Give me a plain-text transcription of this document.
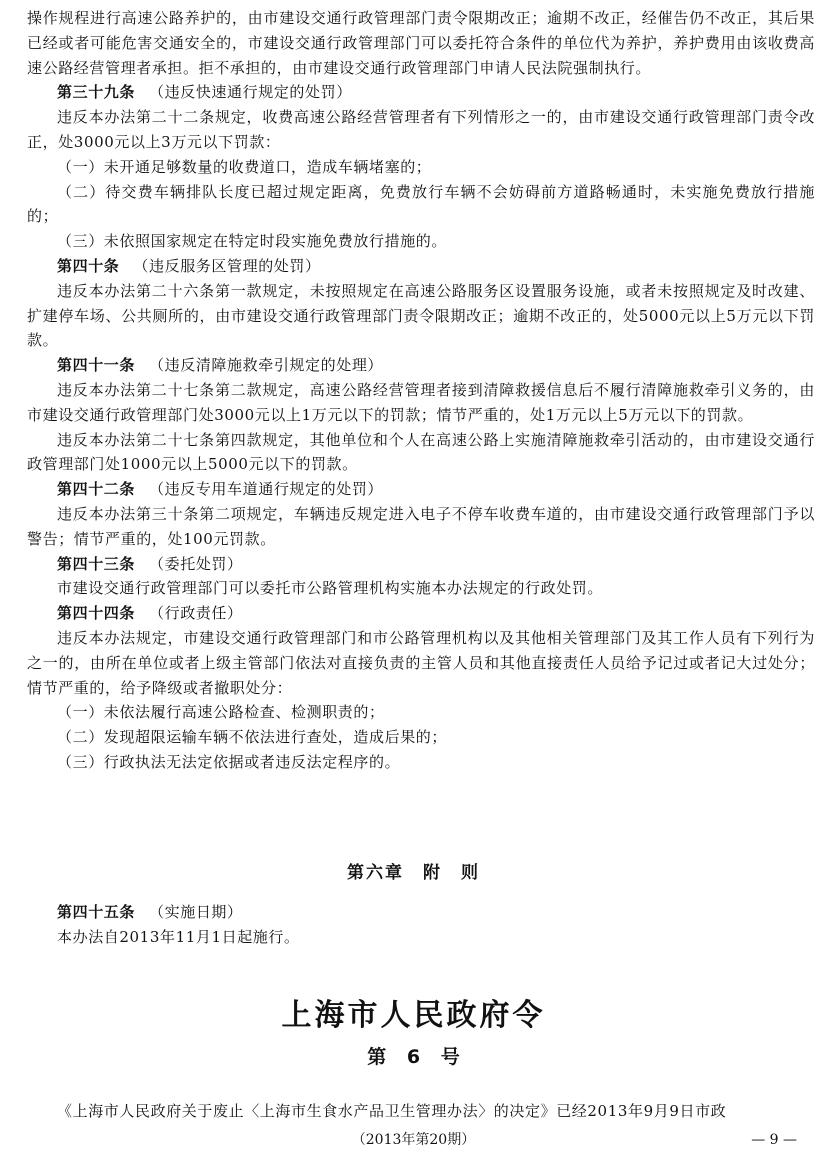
操作规程进行高速公路养护的，由市建设交通行政管理部门责令限期改正；逾期不改正，经催告仍不改正，其后果已经或者可能危害交通安全的，市建设交通行政管理部门可以委托符合条件的单位代为养护，养护费用由该收费高速公路经营管理者承担。拒不承担的，由市建设交通行政管理部门申请人民法院强制执行。

第三十九条 （违反快速通行规定的处罚）

违反本办法第二十二条规定，收费高速公路经营管理者有下列情形之一的，由市建设交通行政管理部门责令改正，处3000元以上3万元以下罚款：

（一）未开通足够数量的收费道口，造成车辆堵塞的；

（二）待交费车辆排队长度已超过规定距离，免费放行车辆不会妨碍前方道路畅通时，未实施免费放行措施的；

（三）未依照国家规定在特定时段实施免费放行措施的。

第四十条 （违反服务区管理的处罚）

违反本办法第二十六条第一款规定，未按照规定在高速公路服务区设置服务设施，或者未按照规定及时改建、扩建停车场、公共厕所的，由市建设交通行政管理部门责令限期改正；逾期不改正的，处5000元以上5万元以下罚款。

第四十一条 （违反清障施救牵引规定的处理）

违反本办法第二十七条第二款规定，高速公路经营管理者接到清障救援信息后不履行清障施救牵引义务的，由市建设交通行政管理部门处3000元以上1万元以下的罚款；情节严重的，处1万元以上5万元以下的罚款。

违反本办法第二十七条第四款规定，其他单位和个人在高速公路上实施清障施救牵引活动的，由市建设交通行政管理部门处1000元以上5000元以下的罚款。

第四十二条 （违反专用车道通行规定的处罚）

违反本办法第三十条第二项规定，车辆违反规定进入电子不停车收费车道的，由市建设交通行政管理部门予以警告；情节严重的，处100元罚款。

第四十三条 （委托处罚）

市建设交通行政管理部门可以委托市公路管理机构实施本办法规定的行政处罚。

第四十四条 （行政责任）

违反本办法规定，市建设交通行政管理部门和市公路管理机构以及其他相关管理部门及其工作人员有下列行为之一的，由所在单位或者上级主管部门依法对直接负责的主管人员和其他直接责任人员给予记过或者记大过处分；情节严重的，给予降级或者撤职处分：

（一）未依法履行高速公路检查、检测职责的；

（二）发现超限运输车辆不依法进行查处，造成后果的；

（三）行政执法无法定依据或者违反法定程序的。

第六章　附　则

第四十五条 （实施日期）

本办法自2013年11月1日起施行。

上海市人民政府令
第 6 号
《上海市人民政府关于废止〈上海市生食水产品卫生管理办法〉的决定》已经2013年9月9日市政
（2013年第20期）	— 9 —
